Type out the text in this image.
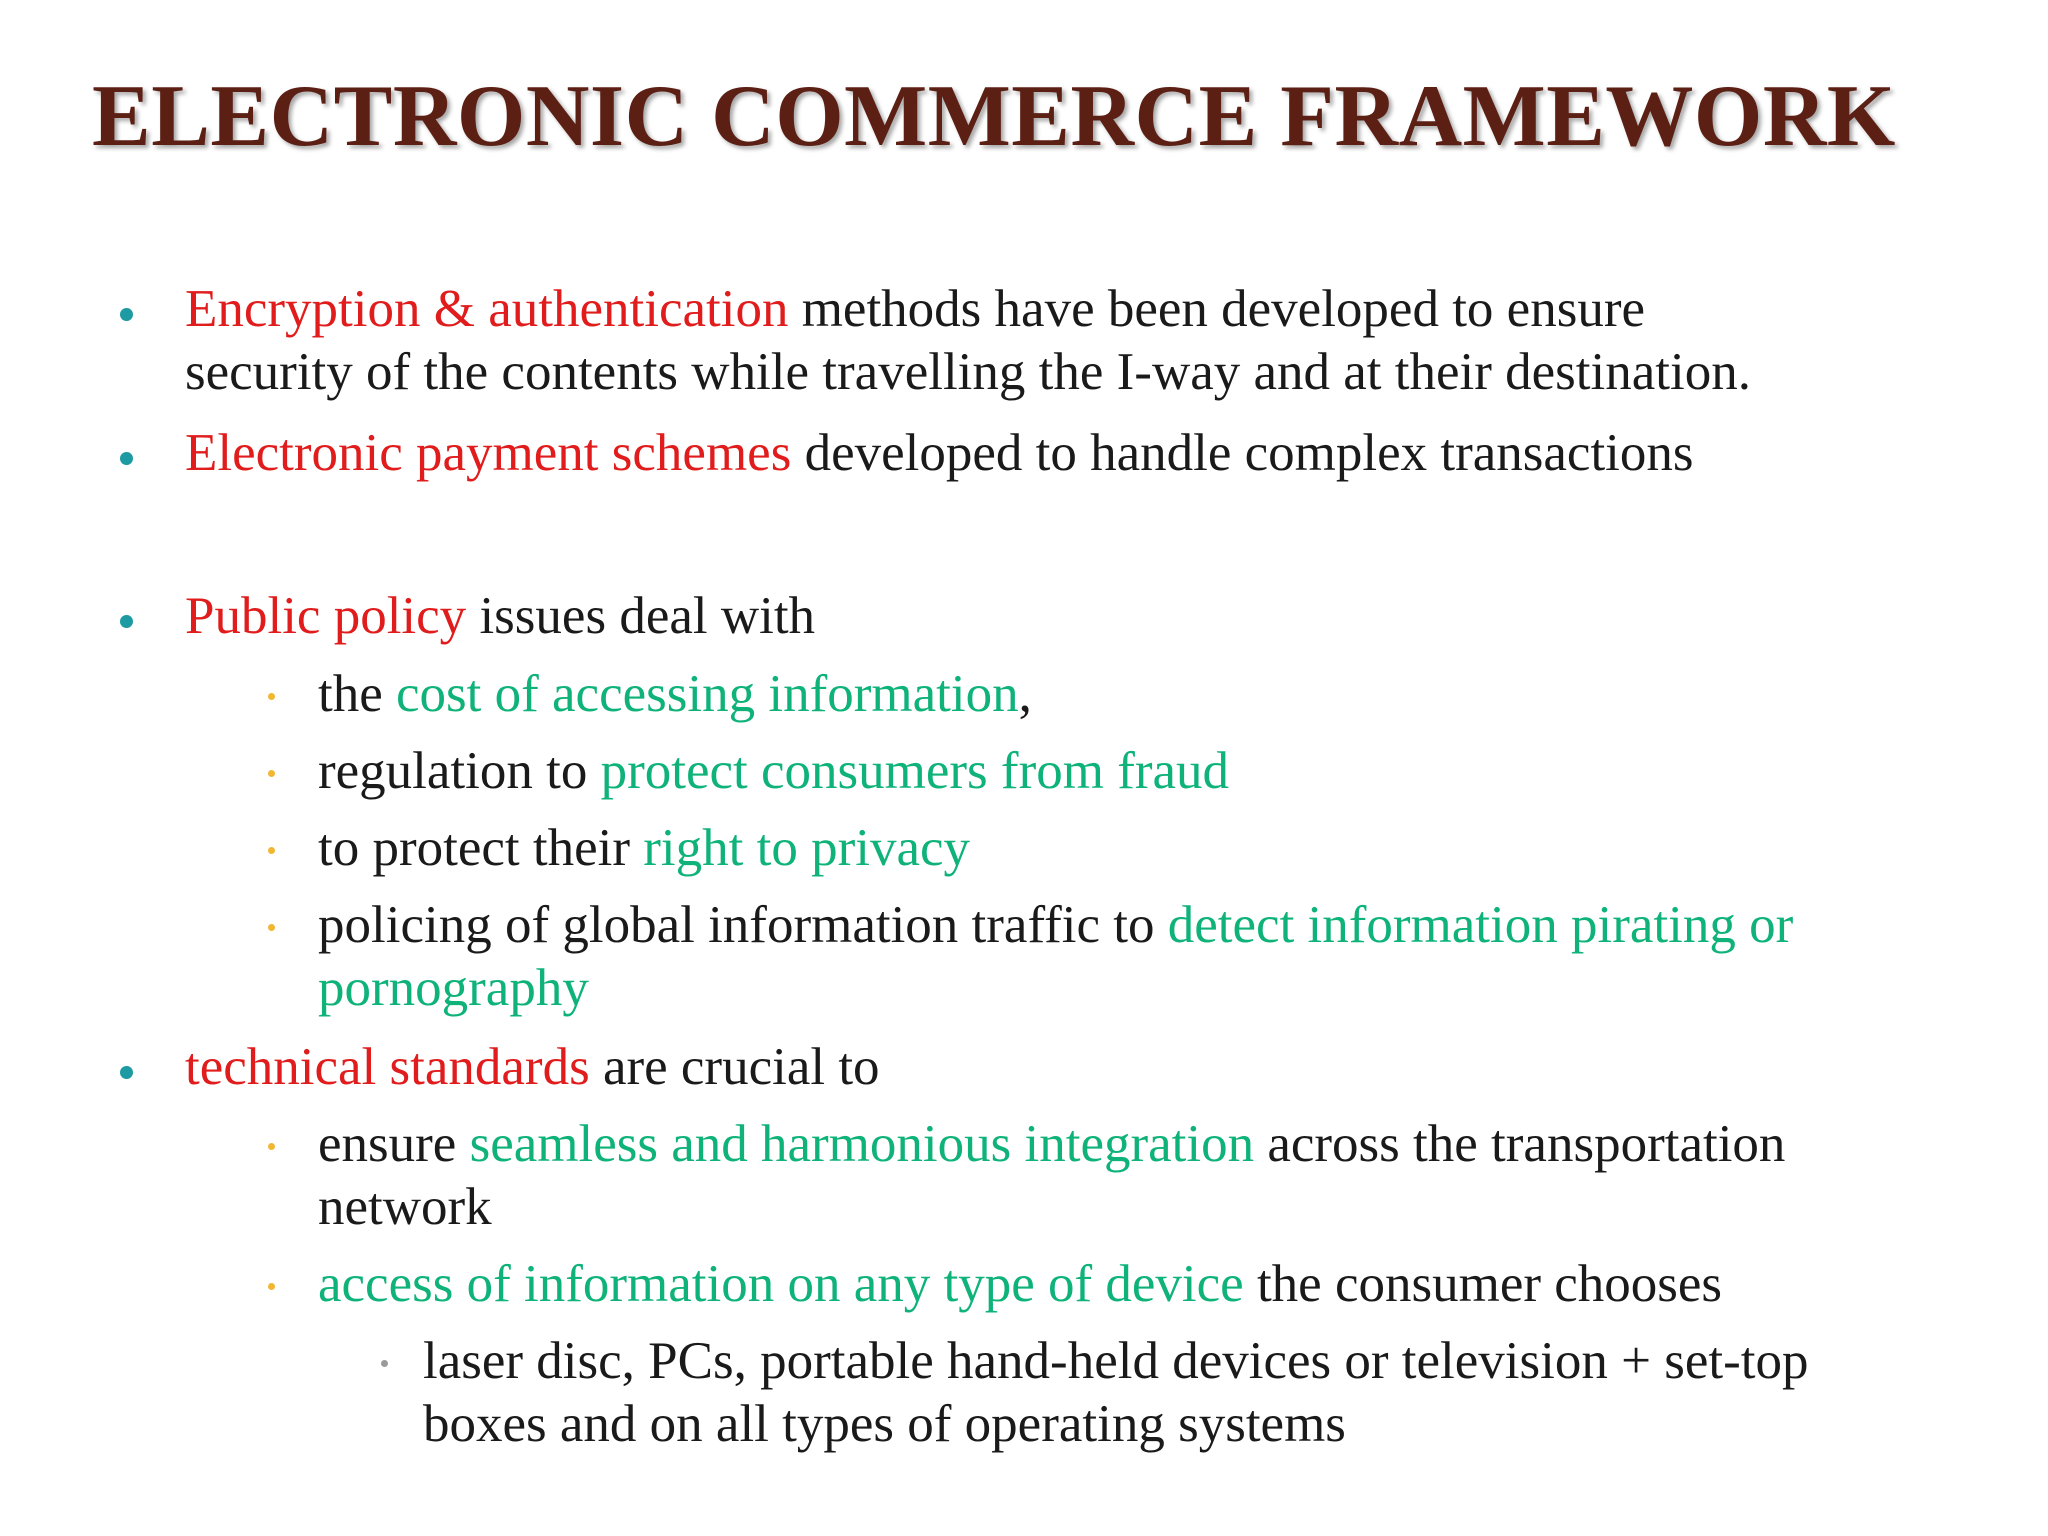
ELECTRONIC COMMERCE FRAMEWORK
Encryption & authentication methods have been developed to ensure
security of the contents while travelling the I-way and at their destination.
Electronic payment schemes developed to handle complex transactions
Public policy issues deal with
the cost of accessing information,
regulation to protect consumers from fraud
to protect their right to privacy
policing of global information traffic to detect information pirating or
pornography
technical standards are crucial to
ensure seamless and harmonious integration across the transportation
network
access of information on any type of device the consumer chooses
laser disc, PCs, portable hand-held devices or television + set-top
boxes and on all types of operating systems
